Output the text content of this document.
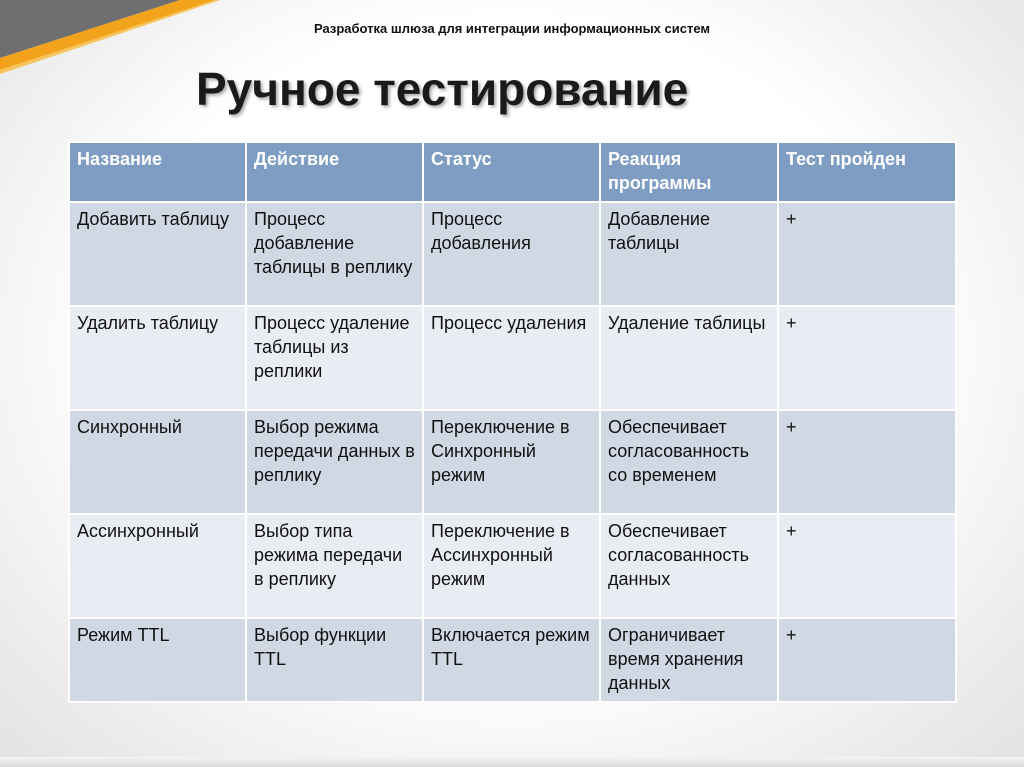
Разработка шлюза для интеграции информационных систем
Ручное тестирование
Название	Действие	Статус	Реакция программы	Тест пройден
Добавить таблицу	Процесс добавление таблицы в реплику	Процесс добавления	Добавление таблицы	+
Удалить таблицу	Процесс удаление таблицы из реплики	Процесс удаления	Удаление таблицы	+
Синхронный	Выбор режима передачи данных в реплику	Переключение в Синхронный режим	Обеспечивает согласованность со временем	+
Ассинхронный	Выбор типа режима передачи в реплику	Переключение в Ассинхронный режим	Обеспечивает согласованность данных	+
Режим TTL	Выбор функции TTL	Включается режим TTL	Ограничивает время хранения данных	+
